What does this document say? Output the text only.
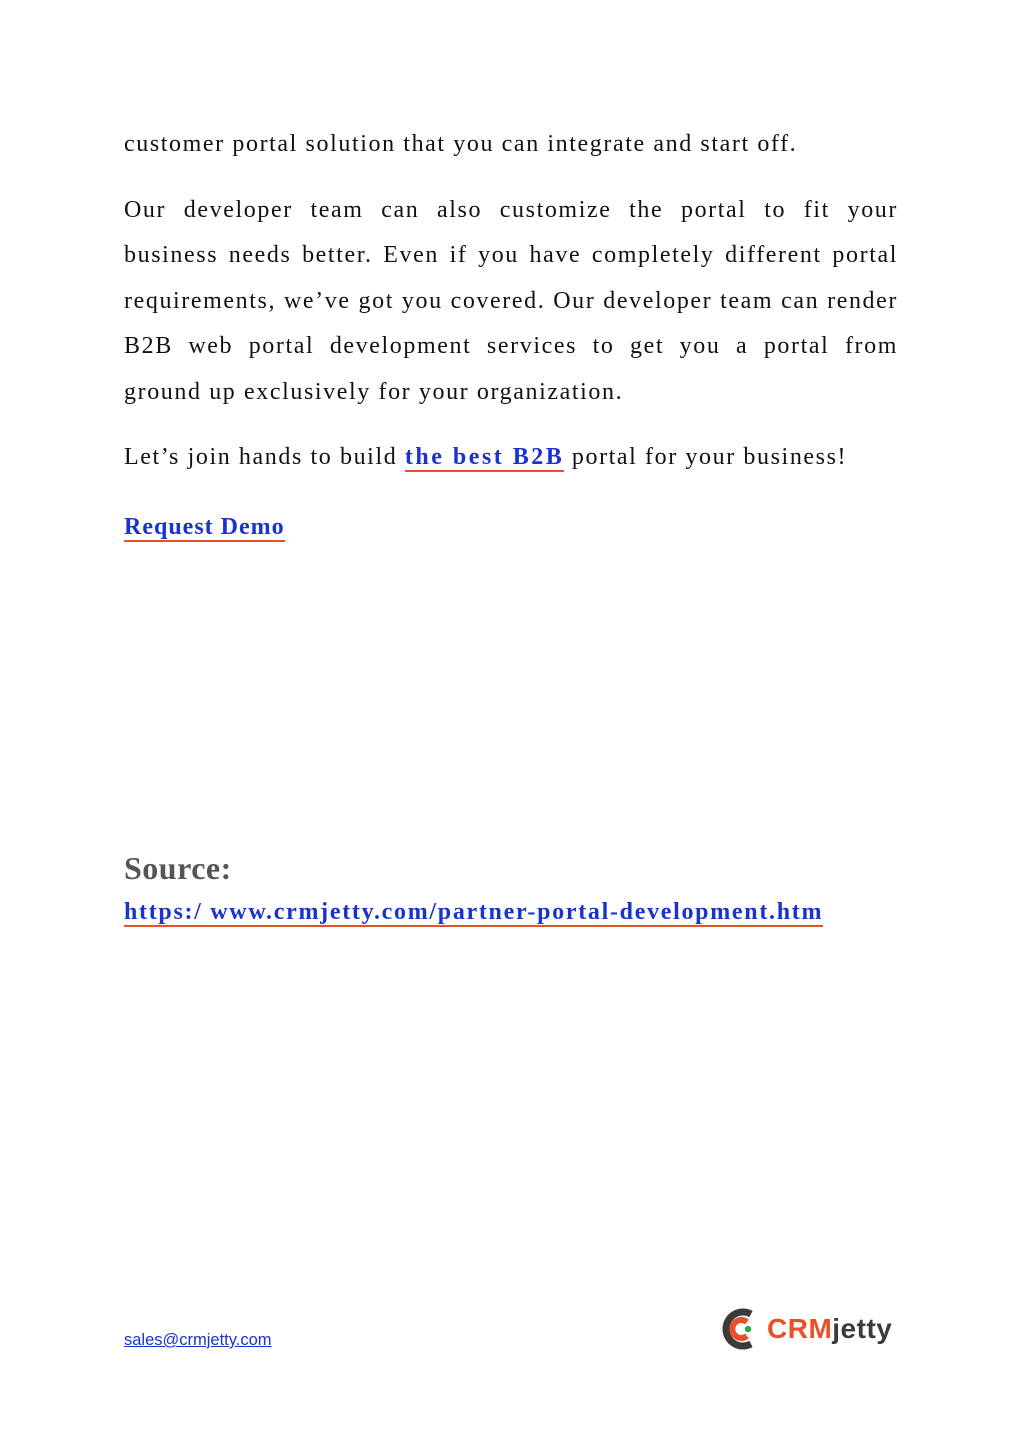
customer portal solution that you can integrate and start off.

Our developer team can also customize the portal to fit your business needs better. Even if you have completely different portal requirements, we’ve got you covered. Our developer team can render B2B web portal development services to get you a portal from ground up exclusively for your organization.

Let’s join hands to build the best B2B portal for your business!

Request Demo

Source:

https:/ www.crmjetty.com/partner-portal-development.htm

sales@crmjetty.com	CRMjetty
